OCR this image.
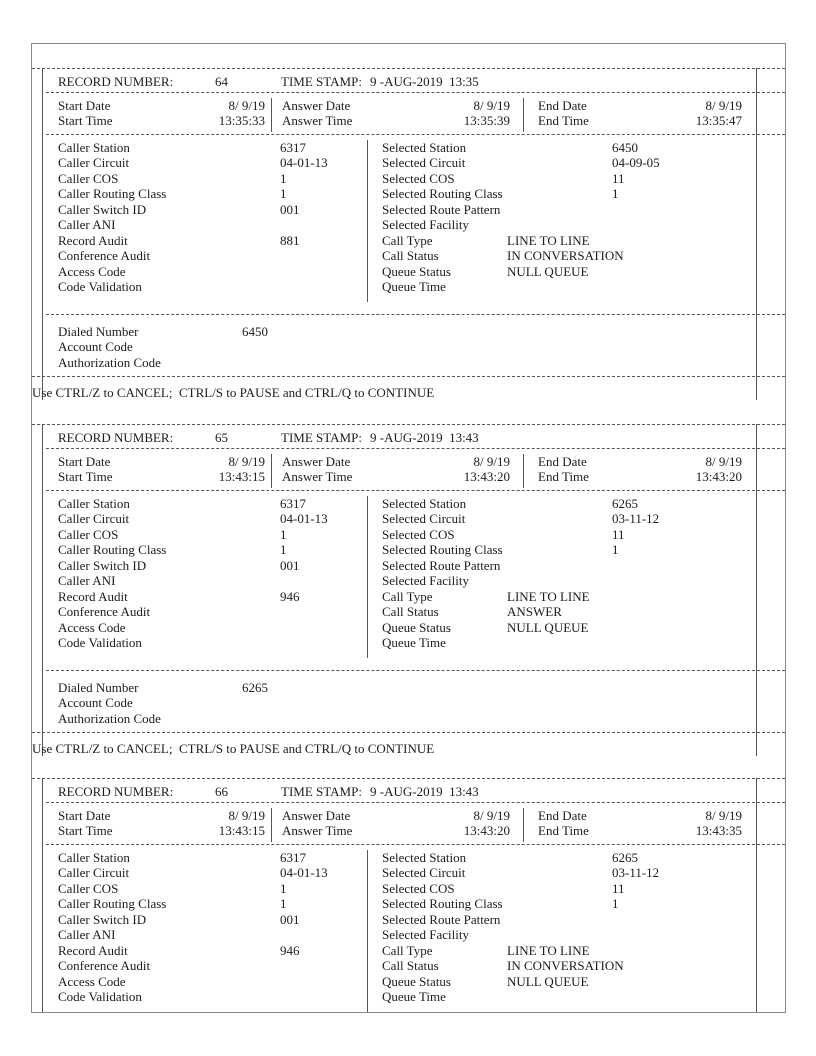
RECORD NUMBER:	64	TIME STAMP: 9 -AUG-2019  13:35
Start Date	8/ 9/19 Answer Date	8/ 9/19 End Date	8/ 9/19
Start Time	13:35:33 Answer Time	13:35:39 End Time	13:35:47
Caller Station	6317	Selected Station	6450
Caller Circuit	04-01-13	Selected Circuit	04-09-05
Caller COS	1	Selected COS	11
Caller Routing Class	1	Selected Routing Class	1
Caller Switch ID	001	Selected Route Pattern
Caller ANI	Selected Facility
Record Audit	881	Call Type	LINE TO LINE
Conference Audit	Call Status	IN CONVERSATION
Access Code	Queue Status	NULL QUEUE
Code Validation	Queue Time
Dialed Number	6450
Account Code
Authorization Code
Use CTRL/Z to CANCEL;  CTRL/S to PAUSE and CTRL/Q to CONTINUE
RECORD NUMBER:	65	TIME STAMP: 9 -AUG-2019  13:43
Start Date	8/ 9/19 Answer Date	8/ 9/19 End Date	8/ 9/19
Start Time	13:43:15 Answer Time	13:43:20 End Time	13:43:20
Caller Station	6317	Selected Station	6265
Caller Circuit	04-01-13	Selected Circuit	03-11-12
Caller COS	1	Selected COS	11
Caller Routing Class	1	Selected Routing Class	1
Caller Switch ID	001	Selected Route Pattern
Caller ANI	Selected Facility
Record Audit	946	Call Type	LINE TO LINE
Conference Audit	Call Status	ANSWER
Access Code	Queue Status	NULL QUEUE
Code Validation	Queue Time
Dialed Number	6265
Account Code
Authorization Code
Use CTRL/Z to CANCEL;  CTRL/S to PAUSE and CTRL/Q to CONTINUE
RECORD NUMBER:	66	TIME STAMP: 9 -AUG-2019  13:43
Start Date	8/ 9/19 Answer Date	8/ 9/19 End Date	8/ 9/19
Start Time	13:43:15 Answer Time	13:43:20 End Time	13:43:35
Caller Station	6317	Selected Station	6265
Caller Circuit	04-01-13	Selected Circuit	03-11-12
Caller COS	1	Selected COS	11
Caller Routing Class	1	Selected Routing Class	1
Caller Switch ID	001	Selected Route Pattern
Caller ANI	Selected Facility
Record Audit	946	Call Type	LINE TO LINE
Conference Audit	Call Status	IN CONVERSATION
Access Code	Queue Status	NULL QUEUE
Code Validation	Queue Time
